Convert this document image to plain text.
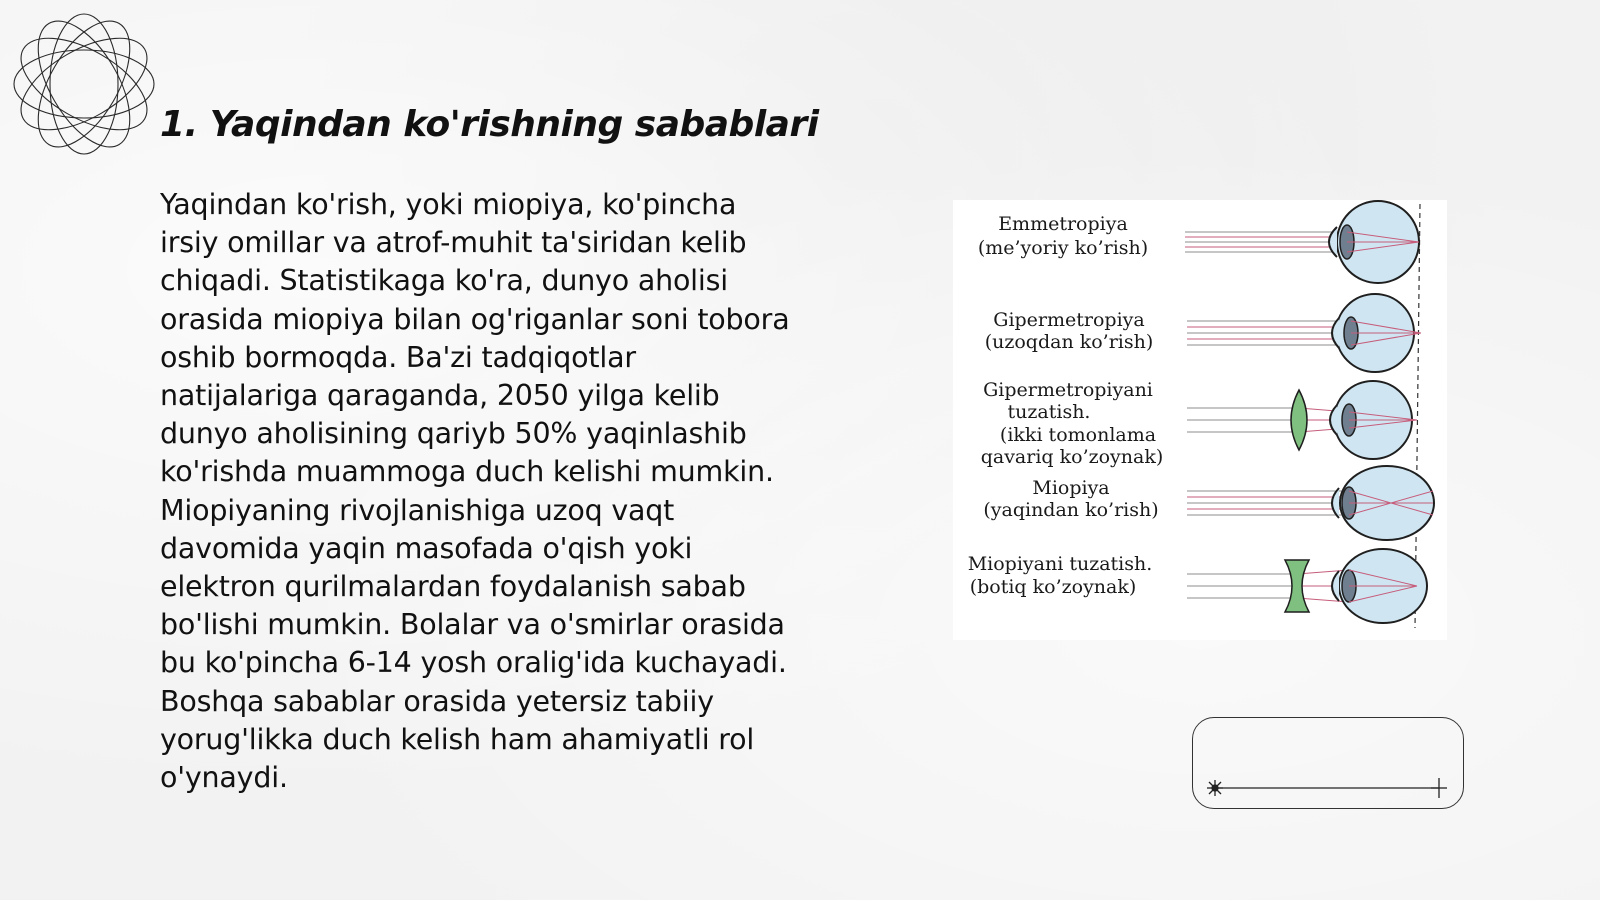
1. Yaqindan ko'rishning sabablari

Yaqindan ko'rish, yoki miopiya, ko'pincha
irsiy omillar va atrof-muhit ta'siridan kelib
chiqadi. Statistikaga ko'ra, dunyo aholisi
orasida miopiya bilan og'riganlar soni tobora
oshib bormoqda. Ba'zi tadqiqotlar
natijalariga qaraganda, 2050 yilga kelib
dunyo aholisining qariyb 50% yaqinlashib
ko'rishda muammoga duch kelishi mumkin.
Miopiyaning rivojlanishiga uzoq vaqt
davomida yaqin masofada o'qish yoki
elektron qurilmalardan foydalanish sabab
bo'lishi mumkin. Bolalar va o'smirlar orasida
bu ko'pincha 6-14 yosh oralig'ida kuchayadi.
Boshqa sabablar orasida yetersiz tabiiy
yorug'likka duch kelish ham ahamiyatli rol
o'ynaydi.

Emmetropiya
(me’yoriy ko’rish)
Gipermetropiya
(uzoqdan ko’rish)
Gipermetropiyani
tuzatish.
(ikki tomonlama
qavariq ko’zoynak)
Miopiya
(yaqindan ko’rish)
Miopiyani tuzatish.
(botiq ko’zoynak)
